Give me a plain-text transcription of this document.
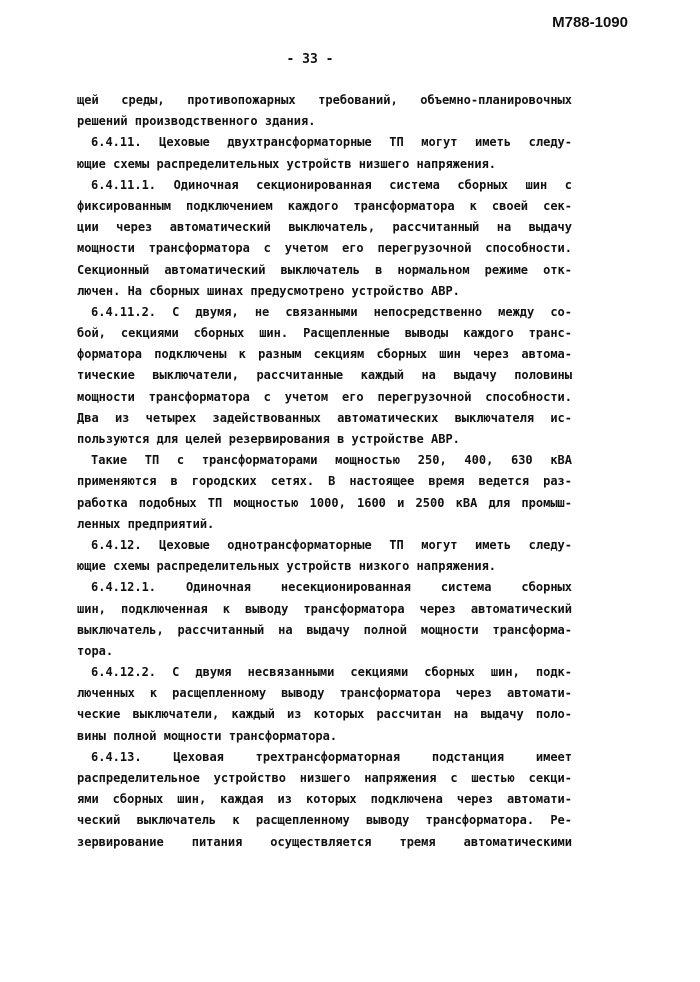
М788-1090
- 33 -
щей среды, противопожарных требований, объемно-планировочных
решений производственного здания.
6.4.11. Цеховые двухтрансформаторные ТП могут иметь следу-
ющие схемы распределительных устройств низшего напряжения.
6.4.11.1. Одиночная секционированная система сборных шин с
фиксированным подключением каждого трансформатора к своей сек-
ции через автоматический выключатель, рассчитанный на выдачу
мощности трансформатора с учетом его перегрузочной способности.
Секционный автоматический выключатель в нормальном режиме отк-
лючен. На сборных шинах предусмотрено устройство АВР.
6.4.11.2. С двумя, не связанными непосредственно между со-
бой, секциями сборных шин. Расщепленные выводы каждого транс-
форматора подключены к разным секциям сборных шин через автома-
тические выключатели, рассчитанные каждый на выдачу половины
мощности трансформатора с учетом его перегрузочной способности.
Два из четырех задействованных автоматических выключателя ис-
пользуются для целей резервирования в устройстве АВР.
Такие ТП с трансформаторами мощностью 250, 400, 630 кВА
применяются в городских сетях. В настоящее время ведется раз-
работка подобных ТП мощностью 1000, 1600 и 2500 кВА для промыш-
ленных предприятий.
6.4.12. Цеховые однотрансформаторные ТП могут иметь следу-
ющие схемы распределительных устройств низкого напряжения.
6.4.12.1. Одиночная несекционированная система сборных
шин, подключенная к выводу трансформатора через автоматический
выключатель, рассчитанный на выдачу полной мощности трансформа-
тора.
6.4.12.2. С двумя несвязанными секциями сборных шин, подк-
люченных к расщепленному выводу трансформатора через автомати-
ческие выключатели, каждый из которых рассчитан на выдачу поло-
вины полной мощности трансформатора.
6.4.13. Цеховая трехтрансформаторная подстанция имеет
распределительное устройство низшего напряжения с шестью секци-
ями сборных шин, каждая из которых подключена через автомати-
ческий выключатель к расщепленному выводу трансформатора. Ре-
зервирование питания осуществляется тремя автоматическими
